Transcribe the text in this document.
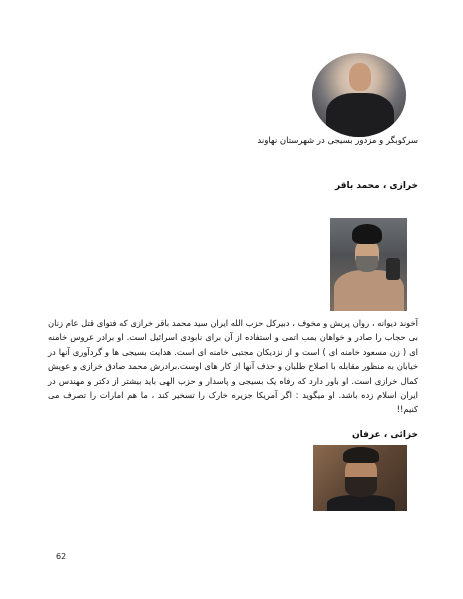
سرکوبگر و مزدور بسیجی در شهرستان نهاوند
خرازی ، محمد باقر
آخوند دیوانه ، روان پریش و مخوف ، دبیرکل حزب الله ایران سید محمد باقر خرازی که فتوای قتل عام زنان بی حجاب را صادر و خواهان بمب اتمی و استفاده از آن برای نابودی اسرائیل است. او برادر عروس خامنه ای ( زن مسعود خامنه ای ) است و از نزدیکان مجتبی خامنه ای است. هدایت بسیجی ها و گردآوری آنها در خیابان به منظور مقابله با اصلاح طلبان و حذف آنها از کار های اوست.برادرش محمد صادق خرازی و عویش کمال خرازی است. او باور دارد که رفاه یک بسیجی و پاسدار و حزب الهی باید بیشتر از دکتر و مهندس در ایران اسلام زده باشد. او میگوید : اگر آمریکا جزیره خارک را تسخیر کند ، ما هم امارات را تصرف می کنیم!!
خزائی ، عرفان
62
